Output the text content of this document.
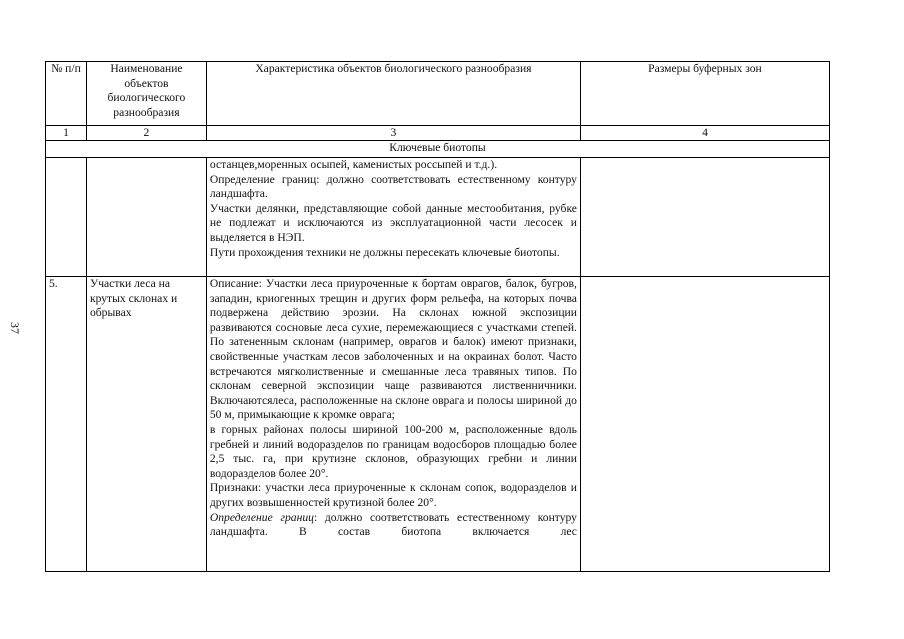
37
№ п/п	Наименование объектов биологического разнообразия	Характеристика объектов биологического разнообразия	Размеры буферных зон
1	2	3	4
Ключевые биотопы			

		останцев,моренных осыпей, каменистых россыпей и т.д.).

Определение границ: должно соответствовать естественному контуру ландшафта.

Участки делянки, представляющие собой данные местообитания, рубке не подлежат и исключаются из эксплуатационной части лесосек и выделяется в НЭП.

Пути прохождения техники не должны пересекать ключевые биотопы.	

5.	Участки леса на крутых склонах и обрывах	Описание: Участки леса приуроченные к бортам оврагов, балок, бугров, западин, криогенных трещин и других форм рельефа, на которых почва подвержена действию эрозии. На склонах южной экспозиции развиваются сосновые леса сухие, перемежающиеся с участками степей. По затененным склонам (например, оврагов и балок) имеют признаки, свойственные участкам лесов заболоченных и на окраинах болот. Часто встречаются мягколиственные и смешанные леса травяных типов. По склонам северной экспозиции чаще развиваются лиственничники. Включаютсялеса, расположенные на склоне оврага и полосы шириной до 50 м, примыкающие к кромке оврага;

в горных районах полосы шириной 100-200 м, расположенные вдоль гребней и линий водоразделов по границам водосборов площадью более 2,5 тыс. га, при крутизне склонов, образующих гребни и линии водоразделов более 20°.

Признаки: участки леса приуроченные к склонам сопок, водоразделов и других возвышенностей крутизной более 20°.

Определение границ: должно соответствовать естественному контуру ландшафта. В состав биотопа включается лес	
